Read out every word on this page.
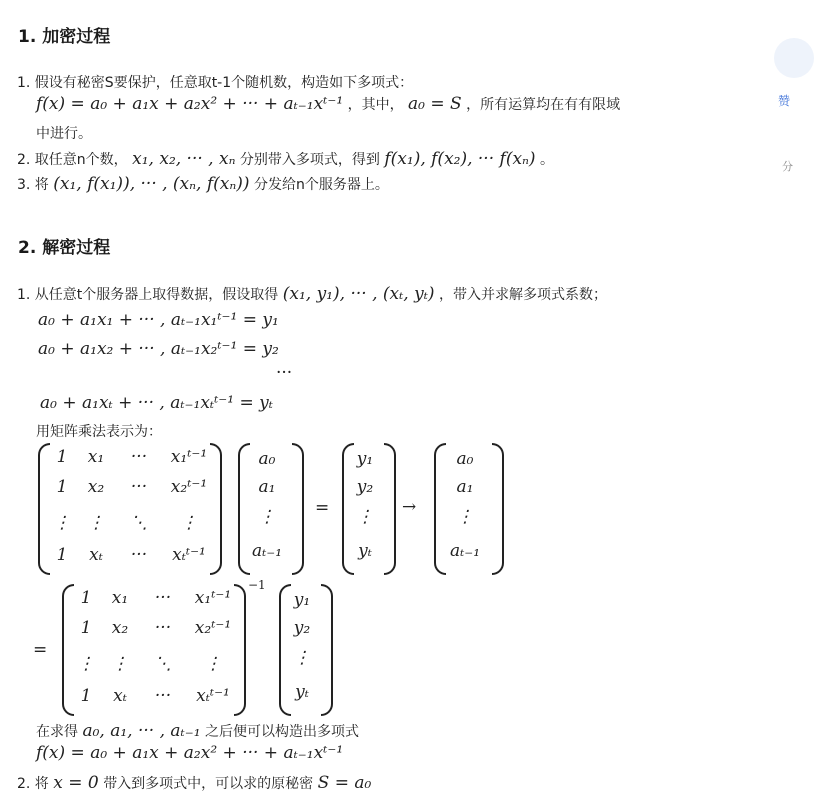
1. 加密过程
1. 假设有秘密S要保护，任意取t-1个随机数，构造如下多项式：
f(x) = a₀ + a₁x + a₂x² + ··· + aₜ₋₁xᵗ⁻¹ ，其中， a₀ = S ，所有运算均在有有限域
中进行。
2. 取任意n个数， x₁, x₂, ··· , xₙ 分别带入多项式，得到 f(x₁), f(x₂), ··· f(xₙ) 。
3. 将 (x₁, f(x₁)), ··· , (xₙ, f(xₙ)) 分发给n个服务器上。
2. 解密过程
1. 从任意t个服务器上取得数据，假设取得 (x₁, y₁), ··· , (xₜ, yₜ) ，带入并求解多项式系数；
a₀ + a₁x₁ + ··· , aₜ₋₁x₁ᵗ⁻¹ = y₁
a₀ + a₁x₂ + ··· , aₜ₋₁x₂ᵗ⁻¹ = y₂
···
a₀ + a₁xₜ + ··· , aₜ₋₁xₜᵗ⁻¹ = yₜ
用矩阵乘法表示为：
1	x₁	···	x₁ᵗ⁻¹
1	x₂	···	x₂ᵗ⁻¹
⋮	⋮	⋱	⋮
1	xₜ	···	xₜᵗ⁻¹
a₀
a₁
⋮
aₜ₋₁
=
y₁
y₂
⋮
yₜ
→
a₀
a₁
⋮
aₜ₋₁
=
1	x₁	···	x₁ᵗ⁻¹
1	x₂	···	x₂ᵗ⁻¹
⋮	⋮	⋱	⋮
1	xₜ	···	xₜᵗ⁻¹
−1
y₁
y₂
⋮
yₜ
在求得 a₀, a₁, ··· , aₜ₋₁ 之后便可以构造出多项式
f(x) = a₀ + a₁x + a₂x² + ··· + aₜ₋₁xᵗ⁻¹
2. 将 x = 0 带入到多项式中，可以求的原秘密 S = a₀
赞
分
